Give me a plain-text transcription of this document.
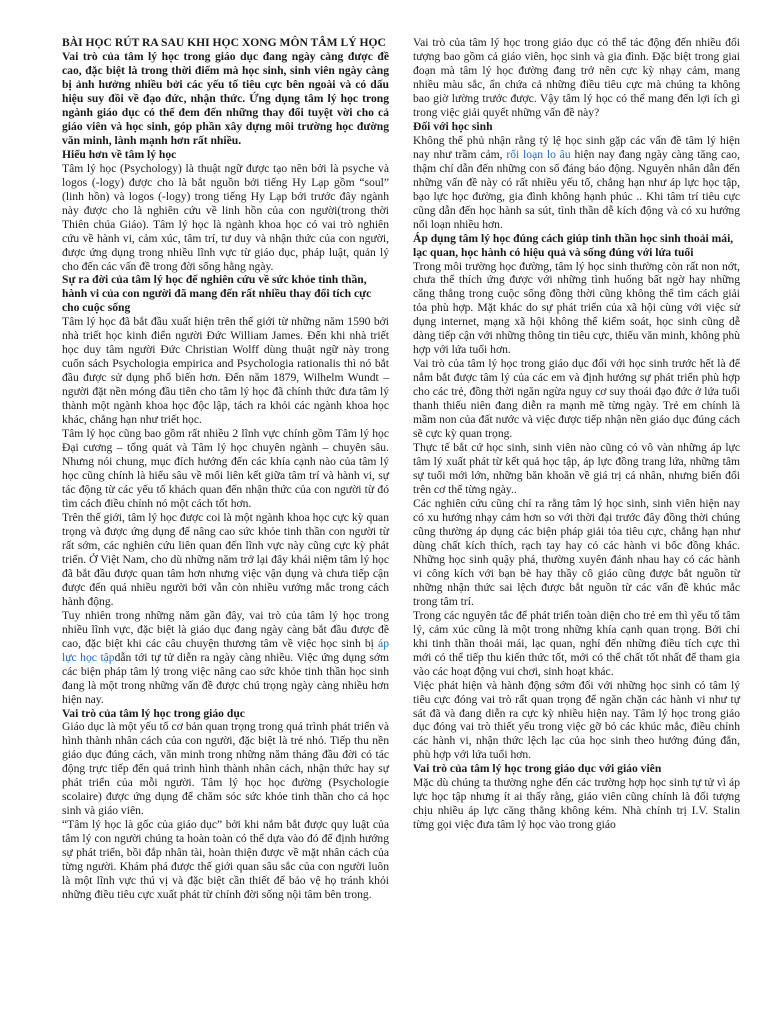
BÀI HỌC RÚT RA SAU KHI HỌC XONG MÔN TÂM LÝ HỌC

Vai trò của tâm lý học trong giáo dục đang ngày càng được đề cao, đặc biệt là trong thời điểm mà học sinh, sinh viên ngày càng bị ảnh hưởng nhiều bởi các yếu tố tiêu cực bên ngoài và có dấu hiệu suy đồi về đạo đức, nhận thức. Ứng dụng tâm lý học trong ngành giáo dục có thể đem đến những thay đổi tuyệt vời cho cả giáo viên và học sinh, góp phần xây dựng môi trường học đường văn minh, lành mạnh hơn rất nhiều.

Hiểu hơn về tâm lý học

Tâm lý học (Psychology) là thuật ngữ được tạo nên bởi là psyche và logos (-logy) được cho là bắt nguồn bởi tiếng Hy Lạp gồm “soul” (linh hồn) và logos (-logy) trong tiếng Hy Lạp bởi trước đây ngành này được cho là nghiên cứu về linh hồn của con người(trong thời Thiên chúa Giáo). Tâm lý học là ngành khoa học có vai trò nghiên cứu về hành vi, cảm xúc, tâm trí, tư duy và nhận thức của con người, được ứng dụng trong nhiều lĩnh vực từ giáo dục, pháp luật, quản lý cho đến các vấn đề trong đời sống hằng ngày.

Sự ra đời của tâm lý học để nghiên cứu về sức khỏe tinh thần, hành vi của con người đã mang đến rất nhiều thay đổi tích cực cho cuộc sống

Tâm lý học đã bắt đầu xuất hiện trên thế giới từ những năm 1590 bởi nhà triết học kinh điển người Đức William James. Đến khi nhà triết học duy tâm người Đức Christian Wolff dùng thuật ngữ này trong cuốn sách Psychologia empirica and Psychologia rationalis thì nó bắt đầu được sử dụng phổ biến hơn. Đến năm 1879, Wilhelm Wundt – người đặt nền móng đầu tiên cho tâm lý học đã chính thức đưa tâm lý thành một ngành khoa học độc lập, tách ra khỏi các ngành khoa học khác, chẳng hạn như triết học.

Tâm lý học cũng bao gồm rất nhiều 2 lĩnh vực chính gồm Tâm lý học Đại cương – tổng quát và Tâm lý học chuyên ngành – chuyên sâu. Nhưng nói chung, mục đích hướng đến các khía cạnh nào của tâm lý học cũng chính là hiểu sâu về mối liên kết giữa tâm trí và hành vi, sự tác động từ các yếu tố khách quan đến nhận thức của con người từ đó tìm cách điều chỉnh nó một cách tốt hơn.

Trên thế giới, tâm lý học được coi là một ngành khoa học cực kỳ quan trọng và được ứng dụng để nâng cao sức khỏe tinh thần con người từ rất sớm, các nghiên cứu liên quan đến lĩnh vực này cũng cực kỳ phát triển. Ở Việt Nam, cho dù những năm trở lại đây khái niệm tâm lý học đã bắt đầu được quan tâm hơn nhưng việc vận dụng và chưa tiếp cận được đến quá nhiều người bởi vẫn còn nhiều vướng mắc trong cách hành động.

Tuy nhiên trong những năm gần đây, vai trò của tâm lý học trong nhiều lĩnh vực, đặc biệt là giáo dục đang ngày càng bắt đầu được đề cao, đặc biệt khi các câu chuyện thương tâm về việc học sinh bị áp lực học tậpdẫn tới tự tử diễn ra ngày càng nhiều. Việc ứng dụng sớm các biện pháp tâm lý trong việc nâng cao sức khỏe tinh thần học sinh đang là một trong những vấn đề được chú trọng ngày càng nhiều hơn hiện nay.

Vai trò của tâm lý học trong giáo dục

Giáo dục là một yếu tố cơ bản quan trọng trong quá trình phát triển và hình thành nhân cách của con người, đặc biệt là trẻ nhỏ. Tiếp thu nền giáo dục đúng cách, văn minh trong những năm tháng đầu đời có tác động trực tiếp đến quá trình hình thành nhân cách, nhận thức hay sự phát triển của mỗi người. Tâm lý học học đường (Psychologie scolaire) được ứng dụng để chăm sóc sức khỏe tinh thần cho cả học sinh và giáo viên.

“Tâm lý học là gốc của giáo dục” bởi khi nắm bắt được quy luật của tâm lý con người chúng ta hoàn toàn có thể dựa vào đó để định hướng sự phát triển, bồi đắp nhân tài, hoàn thiện được về mặt nhân cách của từng người. Khám phá được thế giới quan sâu sắc của con người luôn là một lĩnh vực thú vị và đặc biệt cần thiết để bảo vệ họ tránh khỏi những điều tiêu cực xuất phát từ chính đời sống nội tâm bên trong.

Vai trò của tâm lý học trong giáo dục có thể tác động đến nhiều đối tượng bao gồm cả giáo viên, học sinh và gia đình. Đặc biệt trong giai đoạn mà tâm lý học đường đang trở nên cực kỳ nhạy cảm, mang nhiều màu sắc, ẩn chứa cả những điều tiêu cực mà chúng ta không bao giờ lường trước được. Vậy tâm lý học có thể mang đến lợi ích gì trong việc giải quyết những vấn đề này?

Đối với học sinh

Không thể phủ nhận rằng tỷ lệ học sinh gặp các vấn đề tâm lý hiện nay như trầm cảm, rối loạn lo âu hiện nay đang ngày càng tăng cao, thậm chí dẫn đến những con số đáng báo động. Nguyên nhân dẫn đến những vấn đề này có rất nhiều yếu tố, chẳng hạn như áp lực học tập, bạo lực học đường, gia đình không hạnh phúc .. Khi tâm trí tiêu cực cũng dẫn đến học hành sa sút, tình thần dễ kích động và có xu hướng nổi loạn nhiều hơn.

Áp dụng tâm lý học đúng cách giúp tinh thần học sinh thoải mái, lạc quan, học hành có hiệu quả và sống đúng với lứa tuổi

Trong môi trường học đường, tâm lý học sinh thường còn rất non nớt, chưa thể thích ứng được với những tình huống bất ngờ hay những căng thẳng trong cuộc sống đồng thời cũng không thể tìm cách giải tỏa phù hợp. Mặt khác do sự phát triển của xã hội cùng với việc sử dụng internet, mạng xã hội không thể kiểm soát, học sinh cũng dễ dàng tiếp cận với những thông tin tiêu cực, thiếu văn minh, không phù hợp với lứa tuổi hơn.

Vai trò của tâm lý học trong giáo dục đối với học sinh trước hết là để nắm bắt được tâm lý của các em và định hướng sự phát triển phù hợp cho các trẻ, đồng thời ngăn ngừa nguy cơ suy thoái đạo đức ở lứa tuổi thanh thiếu niên đang diễn ra mạnh mẽ từng ngày. Trẻ em chính là mầm non của đất nước và việc được tiếp nhận nền giáo dục đúng cách sẽ cực kỳ quan trọng.

Thực tế bắt cứ học sinh, sinh viên nào cũng có vô vàn những áp lực tâm lý xuất phát từ kết quả học tập, áp lực đồng trang lứa, những tâm sự tuổi mới lớn, những băn khoăn về giá trị cá nhân, nhưng biến đổi trên cơ thể từng ngày..

Các nghiên cứu cũng chỉ ra rằng tâm lý học sinh, sinh viên hiện nay có xu hướng nhạy cảm hơn so với thời đại trước đây đồng thời chúng cũng thường áp dụng các biện pháp giải tỏa tiêu cực, chẳng hạn như dùng chất kích thích, rạch tay hay có các hành vi bốc đồng khác. Những học sinh quậy phá, thường xuyên đánh nhau hay có các hành vi công kích với bạn bè hay thầy cô giáo cũng được bắt nguồn từ những nhận thức sai lệch được bắt nguồn từ các vấn đề khúc mắc trong tâm trí.

Trong các nguyên tắc để phát triển toàn diện cho trẻ em thì yếu tố tâm lý, cảm xúc cũng là một trong những khía cạnh quan trọng. Bởi chỉ khi tinh thần thoải mái, lạc quan, nghỉ đến những điều tích cực thì mới có thể tiếp thu kiến thức tốt, mới có thể chất tốt nhất để tham gia vào các hoạt động vui chơi, sinh hoạt khác.

Việc phát hiện và hành động sớm đối với những học sinh có tâm lý tiêu cực đóng vai trò rất quan trọng để ngăn chặn các hành vi như tự sát đã và đang diễn ra cực kỳ nhiều hiện nay. Tâm lý học trong giáo dục đóng vai trò thiết yếu trong việc gỡ bỏ các khúc mắc, điều chỉnh các hành vi, nhận thức lệch lạc của học sinh theo hướng đúng đắn, phù hợp với lứa tuổi hơn.

Vai trò của tâm lý học trong giáo dục với giáo viên

Mặc dù chúng ta thường nghe đến các trường hợp học sinh tự tử vì áp lực học tập nhưng ít ai thấy rằng, giáo viên cũng chính là đối tượng chịu nhiều áp lực căng thẳng không kém. Nhà chính trị I.V. Stalin từng gọi việc đưa tâm lý học vào trong giáo
